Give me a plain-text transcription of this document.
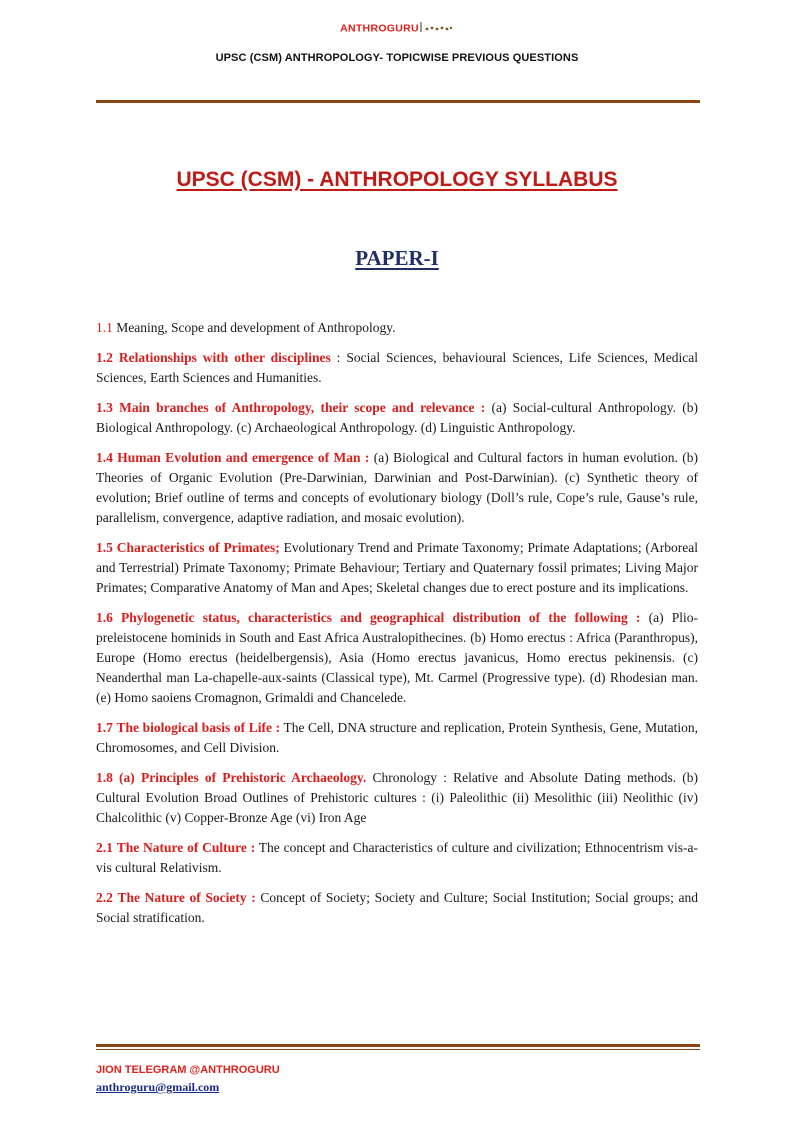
ANTHROGURU
UPSC (CSM) ANTHROPOLOGY- TOPICWISE PREVIOUS QUESTIONS
UPSC (CSM) - ANTHROPOLOGY SYLLABUS
PAPER-I

1.1 Meaning, Scope and development of Anthropology.

1.2 Relationships with other disciplines : Social Sciences, behavioural Sciences, Life Sciences, Medical Sciences, Earth Sciences and Humanities.

1.3 Main branches of Anthropology, their scope and relevance : (a) Social-cultural Anthropology. (b) Biological Anthropology. (c) Archaeological Anthropology. (d) Linguistic Anthropology.

1.4 Human Evolution and emergence of Man : (a) Biological and Cultural factors in human evolution. (b) Theories of Organic Evolution (Pre-Darwinian, Darwinian and Post-Darwinian). (c) Synthetic theory of evolution; Brief outline of terms and concepts of evolutionary biology (Doll’s rule, Cope’s rule, Gause’s rule, parallelism, convergence, adaptive radiation, and mosaic evolution).

1.5 Characteristics of Primates; Evolutionary Trend and Primate Taxonomy; Primate Adaptations; (Arboreal and Terrestrial) Primate Taxonomy; Primate Behaviour; Tertiary and Quaternary fossil primates; Living Major Primates; Comparative Anatomy of Man and Apes; Skeletal changes due to erect posture and its implications.

1.6 Phylogenetic status, characteristics and geographical distribution of the following : (a) Plio-preleistocene hominids in South and East Africa Australopithecines. (b) Homo erectus : Africa (Paranthropus), Europe (Homo erectus (heidelbergensis), Asia (Homo erectus javanicus, Homo erectus pekinensis. (c) Neanderthal man La-chapelle-aux-saints (Classical type), Mt. Carmel (Progressive type). (d) Rhodesian man. (e) Homo saoiens Cromagnon, Grimaldi and Chancelede.

1.7 The biological basis of Life : The Cell, DNA structure and replication, Protein Synthesis, Gene, Mutation, Chromosomes, and Cell Division.

1.8 (a) Principles of Prehistoric Archaeology. Chronology : Relative and Absolute Dating methods. (b) Cultural Evolution Broad Outlines of Prehistoric cultures : (i) Paleolithic (ii) Mesolithic (iii) Neolithic (iv) Chalcolithic (v) Copper-Bronze Age (vi) Iron Age

2.1 The Nature of Culture : The concept and Characteristics of culture and civilization; Ethnocentrism vis-a-vis cultural Relativism.

2.2 The Nature of Society : Concept of Society; Society and Culture; Social Institution; Social groups; and Social stratification.

JION TELEGRAM @ANTHROGURU
anthroguru@gmail.com
